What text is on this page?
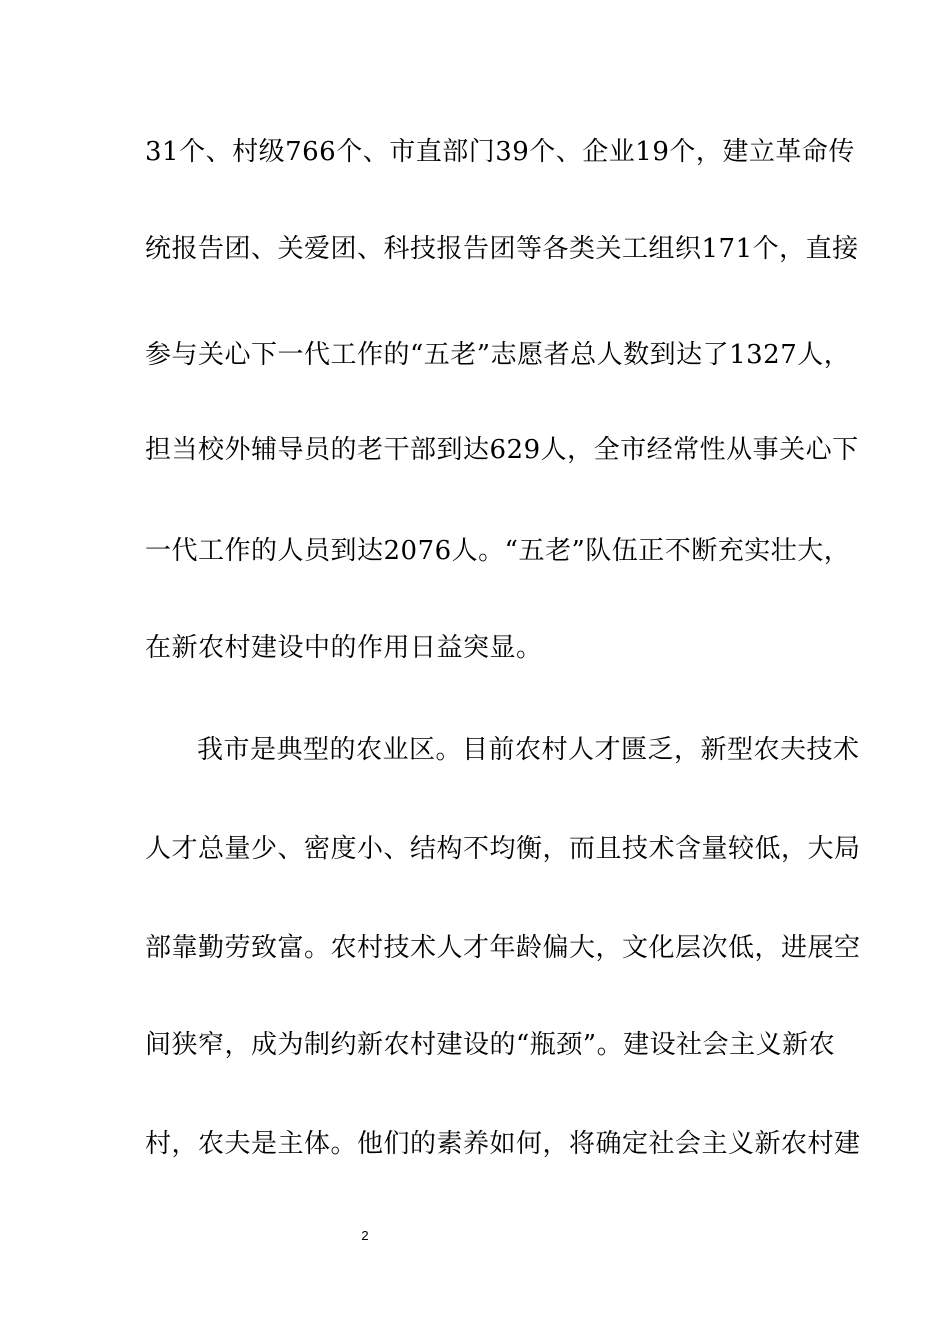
31个、村级766个、市直部门39个、企业19个，建立革命传
统报告团、关爱团、科技报告团等各类关工组织171个，直接
参与关心下一代工作的“五老”志愿者总人数到达了1327人，
担当校外辅导员的老干部到达629人，全市经常性从事关心下
一代工作的人员到达2076人。“五老”队伍正不断充实壮大，
在新农村建设中的作用日益突显。
我市是典型的农业区。目前农村人才匮乏，新型农夫技术
人才总量少、密度小、结构不均衡，而且技术含量较低，大局
部靠勤劳致富。农村技术人才年龄偏大，文化层次低，进展空
间狭窄，成为制约新农村建设的“瓶颈”。建设社会主义新农
村，农夫是主体。他们的素养如何，将确定社会主义新农村建
2
